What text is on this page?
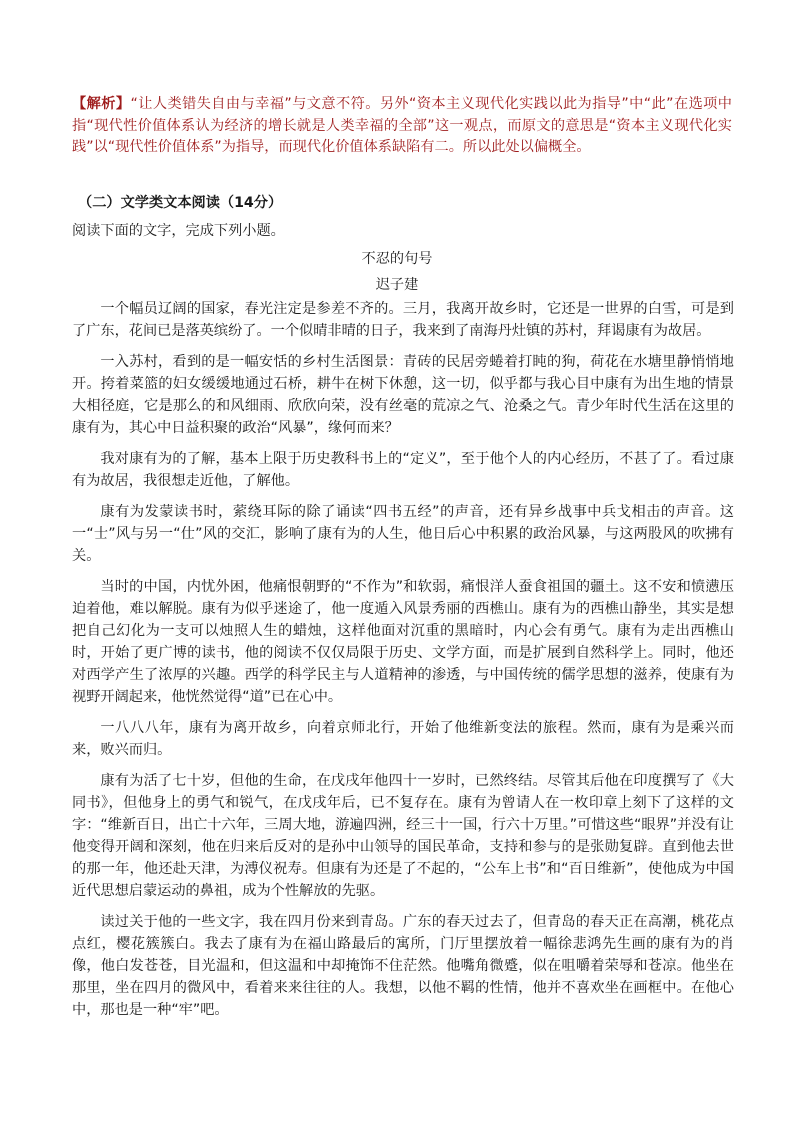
【解析】“让人类错失自由与幸福”与文意不符。另外“资本主义现代化实践以此为指导”中“此”在选项中指“现代性价值体系认为经济的增长就是人类幸福的全部”这一观点，而原文的意思是“资本主义现代化实践”以“现代性价值体系”为指导，而现代化价值体系缺陷有二。所以此处以偏概全。
（二）文学类文本阅读（14分）
阅读下面的文字，完成下列小题。
不忍的句号
迟子建

一个幅员辽阔的国家，春光注定是参差不齐的。三月，我离开故乡时，它还是一世界的白雪，可是到了广东，花间已是落英缤纷了。一个似晴非晴的日子，我来到了南海丹灶镇的苏村，拜谒康有为故居。

一入苏村，看到的是一幅安恬的乡村生活图景：青砖的民居旁蜷着打盹的狗，荷花在水塘里静悄悄地开。挎着菜篮的妇女缓缓地通过石桥，耕牛在树下休憩，这一切，似乎都与我心目中康有为出生地的情景大相径庭，它是那么的和风细雨、欣欣向荣，没有丝毫的荒凉之气、沧桑之气。青少年时代生活在这里的康有为，其心中日益积聚的政治“风暴”，缘何而来？

我对康有为的了解，基本上限于历史教科书上的“定义”，至于他个人的内心经历，不甚了了。看过康有为故居，我很想走近他，了解他。

康有为发蒙读书时，萦绕耳际的除了诵读“四书五经”的声音，还有异乡战事中兵戈相击的声音。这一“士”风与另一“仕”风的交汇，影响了康有为的人生，他日后心中积累的政治风暴，与这两股风的吹拂有关。

当时的中国，内忧外困，他痛恨朝野的“不作为”和软弱，痛恨洋人蚕食祖国的疆土。这不安和愤懑压迫着他，难以解脱。康有为似乎迷途了，他一度遁入风景秀丽的西樵山。康有为的西樵山静坐，其实是想把自己幻化为一支可以烛照人生的蜡烛，这样他面对沉重的黑暗时，内心会有勇气。康有为走出西樵山时，开始了更广博的读书，他的阅读不仅仅局限于历史、文学方面，而是扩展到自然科学上。同时，他还对西学产生了浓厚的兴趣。西学的科学民主与人道精神的渗透，与中国传统的儒学思想的滋养，使康有为视野开阔起来，他恍然觉得“道”已在心中。

一八八八年，康有为离开故乡，向着京师北行，开始了他维新变法的旅程。然而，康有为是乘兴而来，败兴而归。

康有为活了七十岁，但他的生命，在戊戌年他四十一岁时，已然终结。尽管其后他在印度撰写了《大同书》，但他身上的勇气和锐气，在戊戌年后，已不复存在。康有为曾请人在一枚印章上刻下了这样的文字：“维新百日，出亡十六年，三周大地，游遍四洲，经三十一国，行六十万里。”可惜这些“眼界”并没有让他变得开阔和深刻，他在归来后反对的是孙中山领导的国民革命，支持和参与的是张勋复辟。直到他去世的那一年，他还赴天津，为溥仪祝寿。但康有为还是了不起的，“公车上书”和“百日维新”，使他成为中国近代思想启蒙运动的鼻祖，成为个性解放的先驱。

读过关于他的一些文字，我在四月份来到青岛。广东的春天过去了，但青岛的春天正在高潮，桃花点点红，樱花簇簇白。我去了康有为在福山路最后的寓所，门厅里摆放着一幅徐悲鸿先生画的康有为的肖像，他白发苍苍，目光温和，但这温和中却掩饰不住茫然。他嘴角微蹙，似在咀嚼着荣辱和苍凉。他坐在那里，坐在四月的微风中，看着来来往往的人。我想，以他不羁的性情，他并不喜欢坐在画框中。在他心中，那也是一种“牢”吧。
